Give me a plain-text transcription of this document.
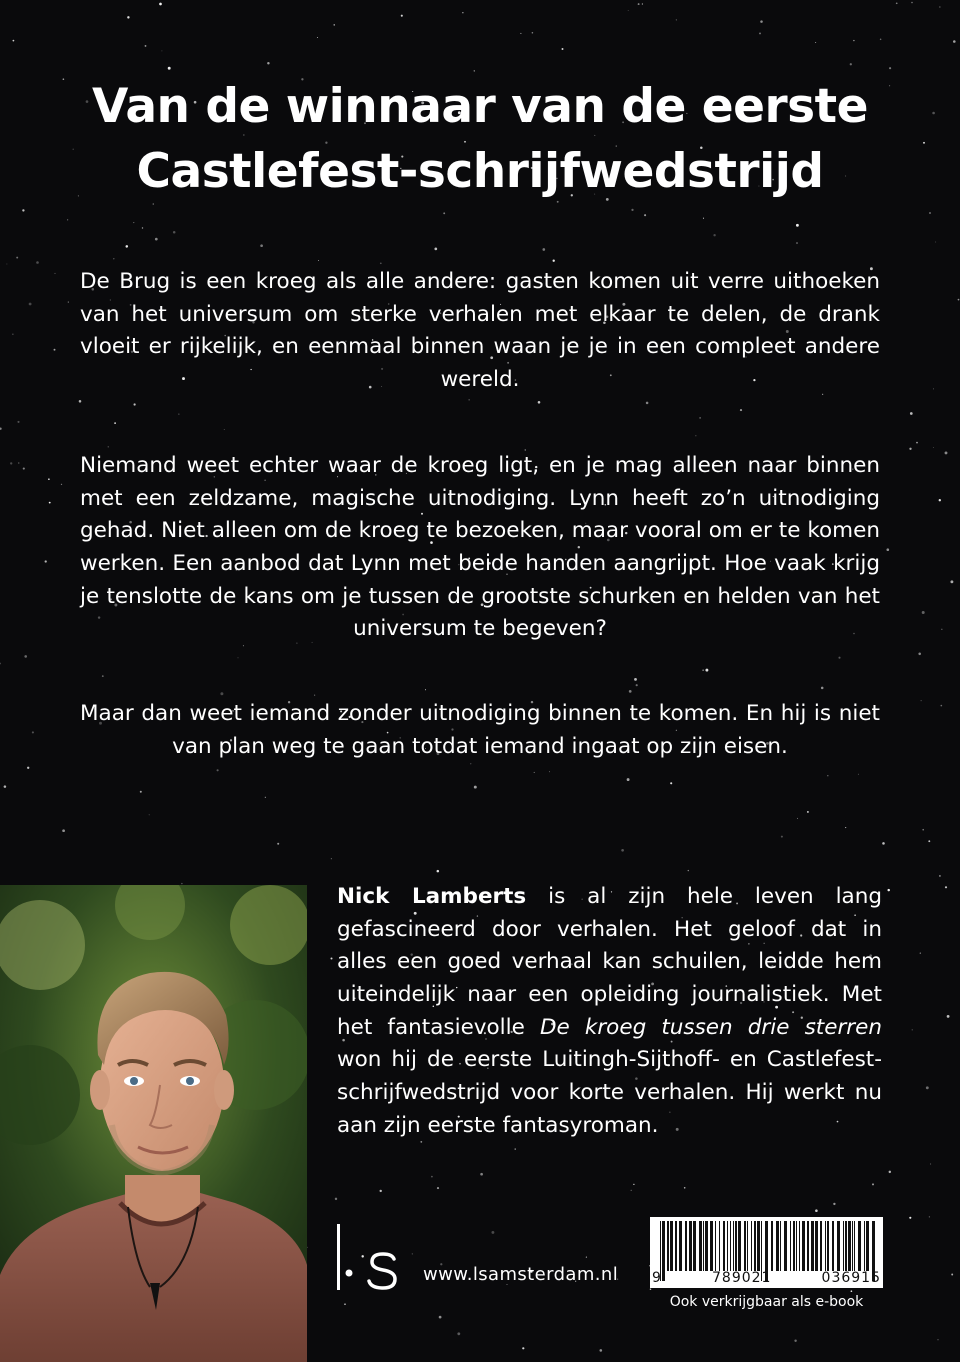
Van de winnaar van de eerste
Castlefest-schrijfwedstrijd

De Brug is een kroeg als alle andere: gasten komen uit verre uithoeken van het universum om sterke verhalen met elkaar te delen, de drank vloeit er rijkelijk, en eenmaal binnen waan je je in een compleet andere wereld.

Niemand weet echter waar de kroeg ligt, en je mag alleen naar binnen met een zeldzame, magische uitnodiging. Lynn heeft zo’n uitnodiging gehad. Niet alleen om de kroeg te bezoeken, maar vooral om er te komen werken. Een aanbod dat Lynn met beide handen aangrijpt. Hoe vaak krijg je tenslotte de kans om je tussen de grootste schurken en helden van het universum te begeven?

Maar dan weet iemand zonder uitnodiging binnen te komen. En hij is niet van plan weg te gaan totdat iemand ingaat op zijn eisen.

Nick Lamberts is al zijn hele leven lang gefascineerd door verhalen. Het geloof dat in alles een goed verhaal kan schuilen, leidde hem uiteindelijk naar een opleiding journalistiek. Met het fantasievolle De kroeg tussen drie sterren won hij de eerste Luitingh-Sijthoff- en Castlefest-schrijfwedstrijd voor korte verhalen. Hij werkt nu aan zijn eerste fantasyroman.

www.lsamsterdam.nl 9	789021	036915
Ook verkrijgbaar als e-book
